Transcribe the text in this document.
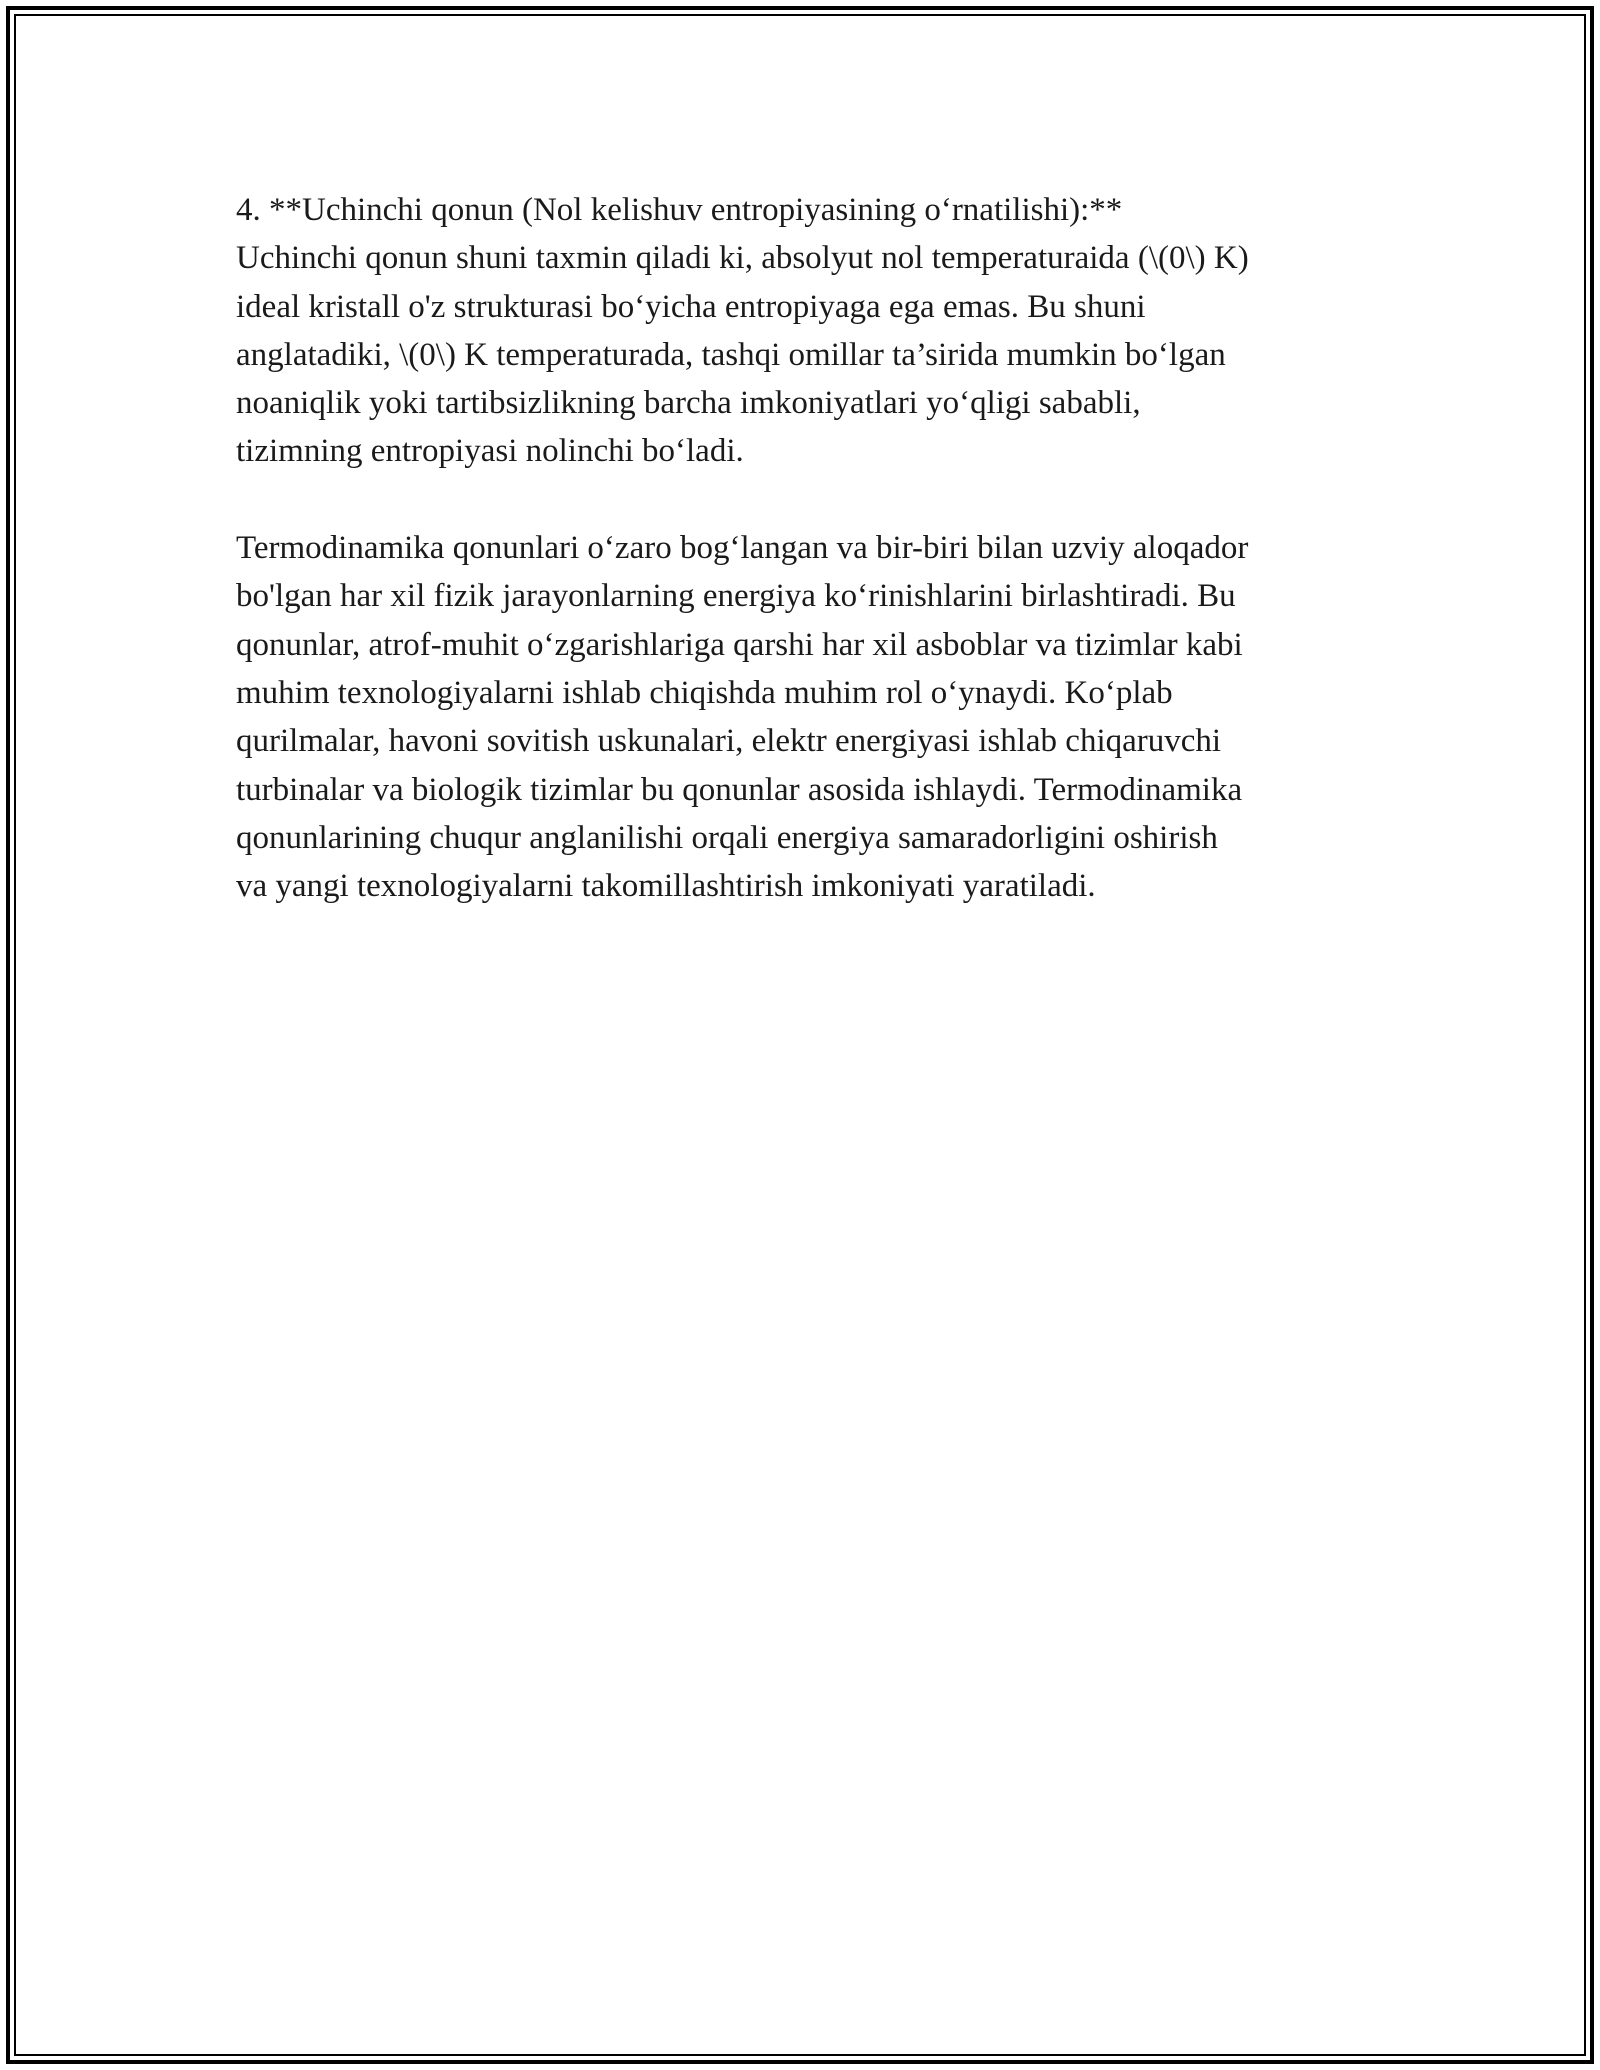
4. **Uchinchi qonun (Nol kelishuv entropiyasining oʻrnatilishi):**
Uchinchi qonun shuni taxmin qiladi ki, absolyut nol temperaturaida (\(0\) K)
ideal kristall o'z strukturasi boʻyicha entropiyaga ega emas. Bu shuni
anglatadiki, \(0\) K temperaturada, tashqi omillar ta’sirida mumkin boʻlgan
noaniqlik yoki tartibsizlikning barcha imkoniyatlari yoʻqligi sababli,
tizimning entropiyasi nolinchi boʻladi.
Termodinamika qonunlari oʻzaro bogʻlangan va bir-biri bilan uzviy aloqador
bo'lgan har xil fizik jarayonlarning energiya koʻrinishlarini birlashtiradi. Bu
qonunlar, atrof-muhit oʻzgarishlariga qarshi har xil asboblar va tizimlar kabi
muhim texnologiyalarni ishlab chiqishda muhim rol oʻynaydi. Koʻplab
qurilmalar, havoni sovitish uskunalari, elektr energiyasi ishlab chiqaruvchi
turbinalar va biologik tizimlar bu qonunlar asosida ishlaydi. Termodinamika
qonunlarining chuqur anglanilishi orqali energiya samaradorligini oshirish
va yangi texnologiyalarni takomillashtirish imkoniyati yaratiladi.
